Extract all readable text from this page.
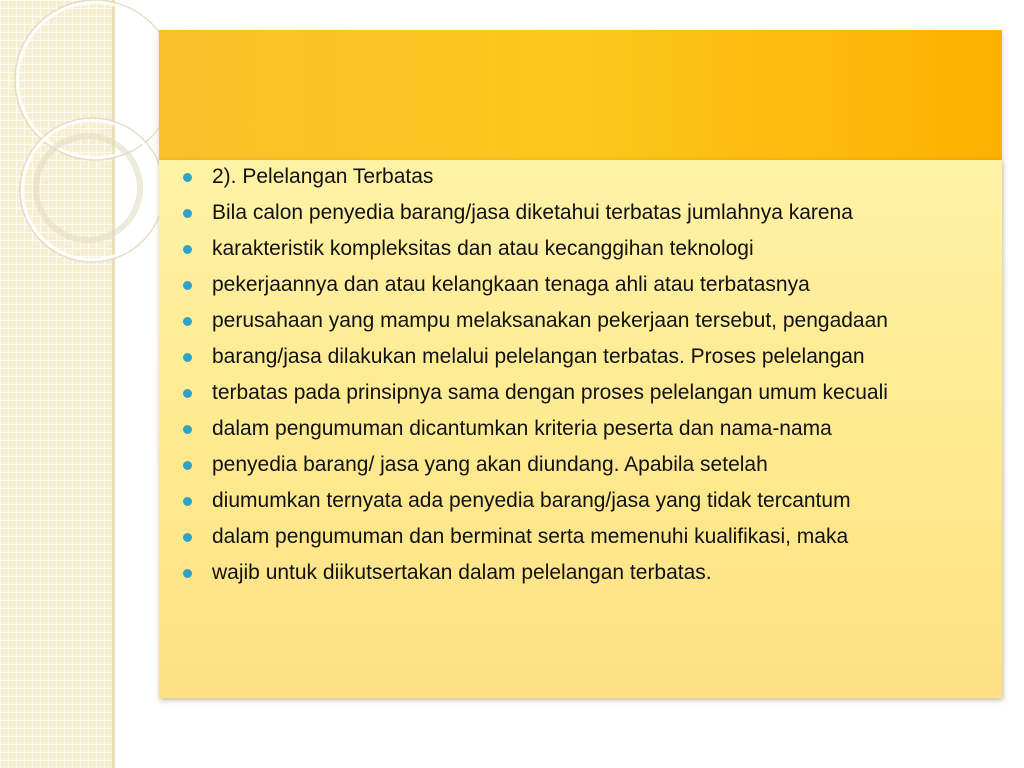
2). Pelelangan Terbatas
Bila calon penyedia barang/jasa diketahui terbatas jumlahnya karena
karakteristik kompleksitas dan atau kecanggihan teknologi
pekerjaannya dan atau kelangkaan tenaga ahli atau terbatasnya
perusahaan yang mampu melaksanakan pekerjaan tersebut, pengadaan
barang/jasa dilakukan melalui pelelangan terbatas. Proses pelelangan
terbatas pada prinsipnya sama dengan proses pelelangan umum kecuali
dalam pengumuman dicantumkan kriteria peserta dan nama-nama
penyedia barang/ jasa yang akan diundang. Apabila setelah
diumumkan ternyata ada penyedia barang/jasa yang tidak tercantum
dalam pengumuman dan berminat serta memenuhi kualifikasi, maka
wajib untuk diikutsertakan dalam pelelangan terbatas.
